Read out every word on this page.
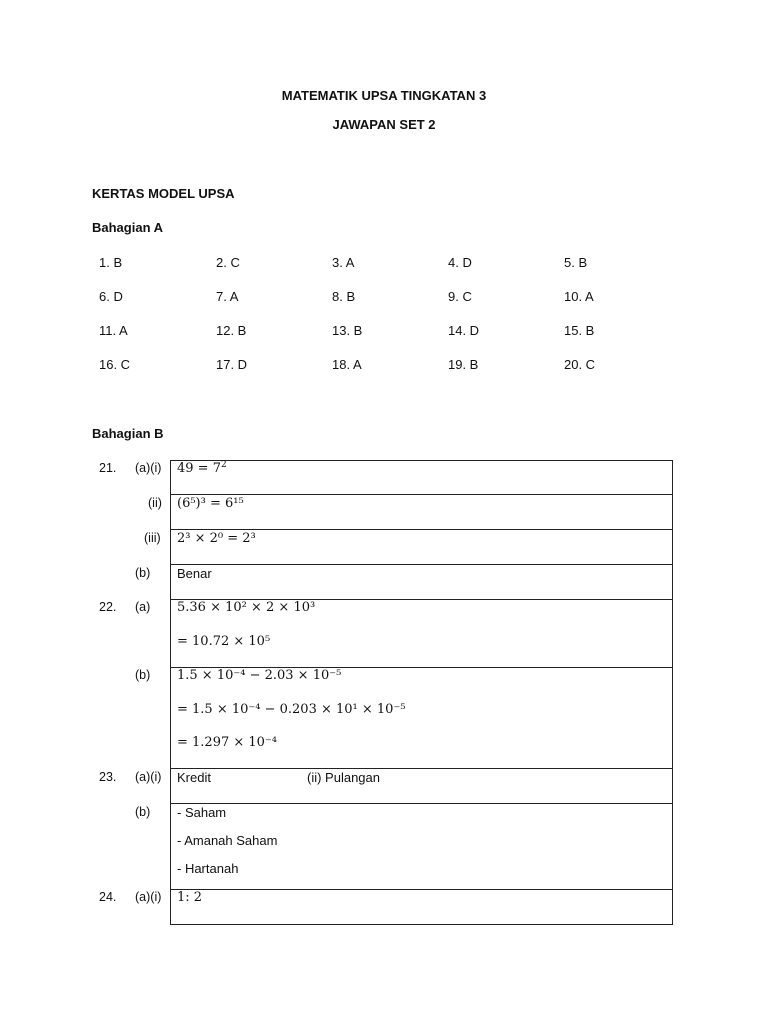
MATEMATIK UPSA TINGKATAN 3
JAWAPAN SET 2
KERTAS MODEL UPSA
Bahagian A
1. B	2. C	3. A	4. D	5. B
6. D	7. A	8. B	9. C	10. A
11. A	12. B	13. B	14. D	15. B
16. C	17. D	18. A	19. B	20. C
Bahagian B
21. (a)(i) $49 = 7^2$
(ii) (6⁵)³ = 6¹⁵
(iii) 2³ × 2⁰ = 2³
(b) Benar
22. (a) 5.36 × 10² × 2 × 10³
= 10.72 × 10⁵
(b) 1.5 × 10⁻⁴ − 2.03 × 10⁻⁵
= 1.5 × 10⁻⁴ − 0.203 × 10¹ × 10⁻⁵
= 1.297 × 10⁻⁴
23. (a)(i) Kredit	(ii) Pulangan
(b) - Saham
- Amanah Saham
- Hartanah
24. (a)(i) 1: 2
